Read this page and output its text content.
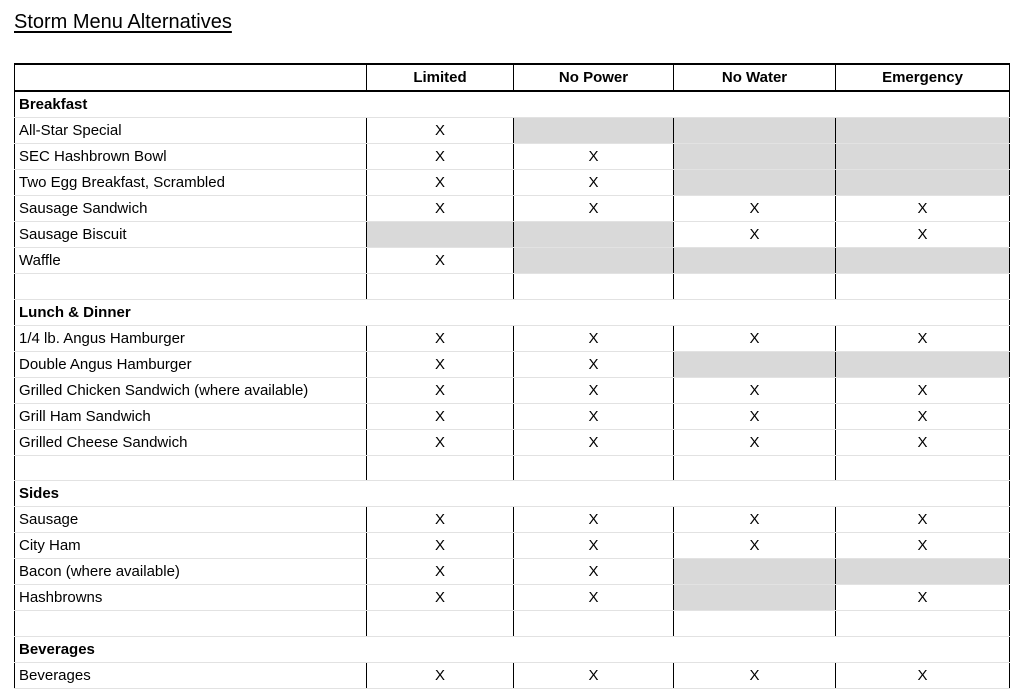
Storm Menu Alternatives
	Limited	No Power	No Water	Emergency
Breakfast				
All-Star Special	X			
SEC Hashbrown Bowl	X	X		
Two Egg Breakfast, Scrambled	X	X		
Sausage Sandwich	X	X	X	X
Sausage Biscuit			X	X
Waffle	X			

Lunch & Dinner				
1/4 lb. Angus Hamburger	X	X	X	X
Double Angus Hamburger	X	X		
Grilled Chicken Sandwich (where available)	X	X	X	X
Grill Ham Sandwich	X	X	X	X
Grilled Cheese Sandwich	X	X	X	X

Sides				
Sausage	X	X	X	X
City Ham	X	X	X	X
Bacon (where available)	X	X		
Hashbrowns	X	X		X

Beverages				
Beverages	X	X	X	X
